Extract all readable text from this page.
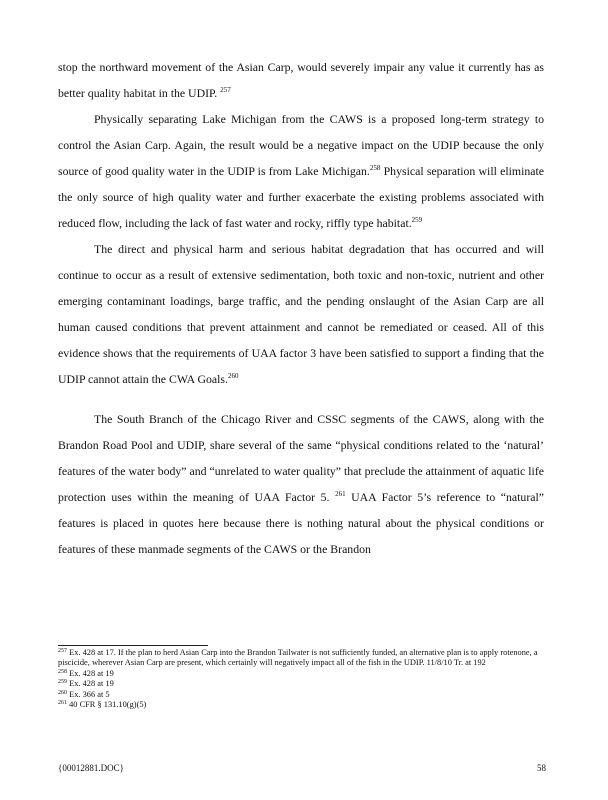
stop the northward movement of the Asian Carp, would severely impair any value it currently has as better quality habitat in the UDIP. $^{257}$

Physically separating Lake Michigan from the CAWS is a proposed long-term strategy to control the Asian Carp. Again, the result would be a negative impact on the UDIP because the only source of good quality water in the UDIP is from Lake Michigan.$^{258}$ Physical separation will eliminate the only source of high quality water and further exacerbate the existing problems associated with reduced flow, including the lack of fast water and rocky, riffly type habitat.$^{259}$

The direct and physical harm and serious habitat degradation that has occurred and will continue to occur as a result of extensive sedimentation, both toxic and non-toxic, nutrient and other emerging contaminant loadings, barge traffic, and the pending onslaught of the Asian Carp are all human caused conditions that prevent attainment and cannot be remediated or ceased. All of this evidence shows that the requirements of UAA factor 3 have been satisfied to support a finding that the UDIP cannot attain the CWA Goals.$^{260}$

The South Branch of the Chicago River and CSSC segments of the CAWS, along with the Brandon Road Pool and UDIP, share several of the same “physical conditions related to the ‘natural’ features of the water body” and “unrelated to water quality” that preclude the attainment of aquatic life protection uses within the meaning of UAA Factor 5. $^{261}$ UAA Factor 5’s reference to “natural” features is placed in quotes here because there is nothing natural about the physical conditions or features of these manmade segments of the CAWS or the Brandon

$^{257}$ Ex. 428 at 17. If the plan to herd Asian Carp into the Brandon Tailwater is not sufficiently funded, an alternative plan is to apply rotenone, a piscicide, wherever Asian Carp are present, which certainly will negatively impact all of the fish in the UDIP. 11/8/10 Tr. at 192

$^{258}$ Ex. 428 at 19

$^{259}$ Ex. 428 at 19

$^{260}$ Ex. 366 at 5

$^{261}$ 40 CFR § 131.10(g)(5)

{00012881.DOC}	58
